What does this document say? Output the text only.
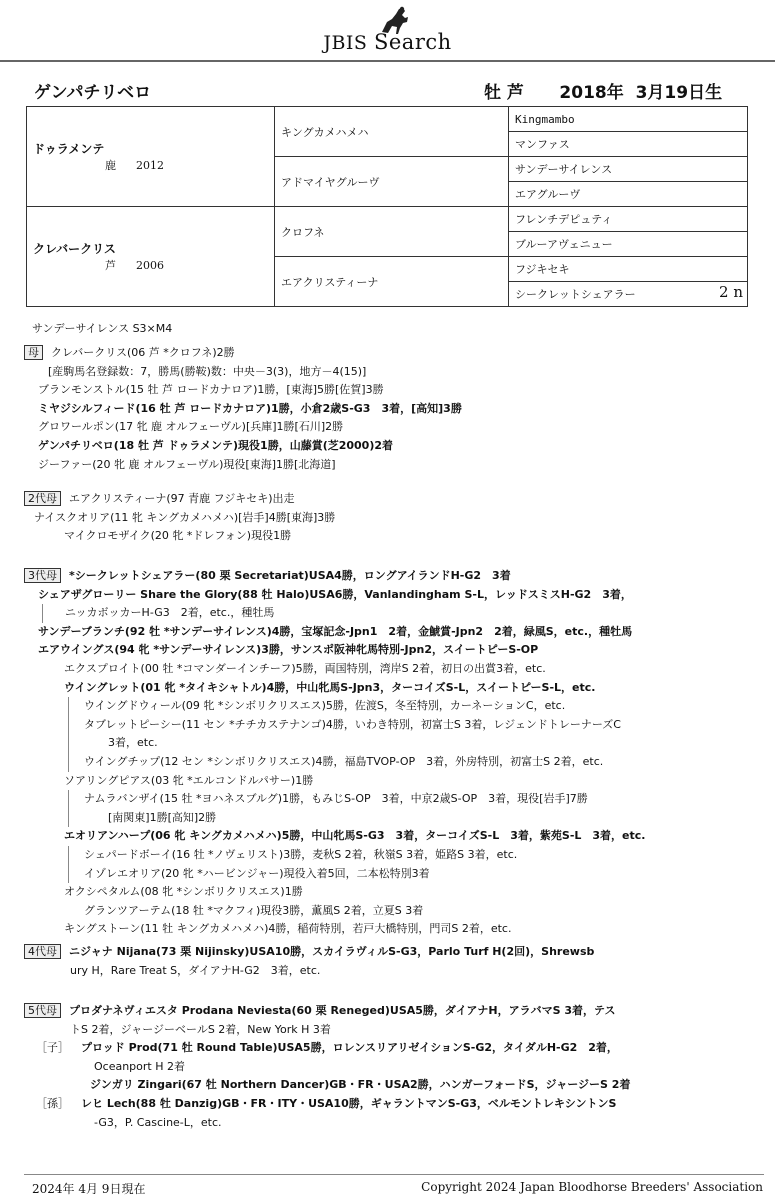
JBIS Search
ゲンパチリベロ	牡 芦      2018年  3月19日生
ドゥラメンテ
鹿 2012	キングカメハメハ	Kingmambo
		マンファス
	アドマイヤグルーヴ	サンデーサイレンス
		エアグルーヴ

クレバークリス
芦 2006	クロフネ	フレンチデピュティ
		ブルーアヴェニュー
	エアクリスティーナ	フジキセキ
		シークレットシェアラー 2 n
サンデーサイレンス S3×M4
母 クレバークリス(06 芦 *クロフネ)2勝
[産駒馬名登録数：7，勝馬(勝鞍)数：中央－3(3)，地方－4(15)]
ブランモンストル(15 牡 芦 ロードカナロア)1勝，[東海]5勝[佐賀]3勝
ミヤジシルフィード(16 牡 芦 ロードカナロア)1勝，小倉2歳S-G3　3着，[高知]3勝
グロワールポン(17 牝 鹿 オルフェーヴル)[兵庫]1勝[石川]2勝
ゲンパチリベロ(18 牡 芦 ドゥラメンテ)現役1勝，山藤賞(芝2000)2着
ジーファー(20 牝 鹿 オルフェーヴル)現役[東海]1勝[北海道]
2代母 エアクリスティーナ(97 青鹿 フジキセキ)出走
ナイスクオリア(11 牝 キングカメハメハ)[岩手]4勝[東海]3勝
マイクロモザイク(20 牝 *ドレフォン)現役1勝
3代母 *シークレットシェアラー(80 栗 Secretariat)USA4勝，ロングアイランドH-G2　3着
シェアザグローリー Share the Glory(88 牡 Halo)USA6勝，Vanlandingham S-L，レッドスミスH-G2　3着，
ニッカボッカーH-G3　2着，etc.，種牡馬
サンデーブランチ(92 牡 *サンデーサイレンス)4勝，宝塚記念-Jpn1　2着，金鯱賞-Jpn2　2着，緑風S，etc.，種牡馬
エアウイングス(94 牝 *サンデーサイレンス)3勝，サンスポ阪神牝馬特別-Jpn2，スイートピーS-OP
エクスプロイト(00 牡 *コマンダーインチーフ)5勝，両国特別，湾岸S 2着，初日の出賞3着，etc.
ウイングレット(01 牝 *タイキシャトル)4勝，中山牝馬S-Jpn3，ターコイズS-L，スイートピーS-L，etc.
ウイングドウィール(09 牝 *シンボリクリスエス)5勝，佐渡S，冬至特別，カーネーションC，etc.
タブレットピーシー(11 セン *チチカステナンゴ)4勝，いわき特別，初富士S 3着，レジェンドトレーナーズC
3着，etc.
ウイングチップ(12 セン *シンボリクリスエス)4勝，福島TVOP-OP　3着，外房特別，初富士S 2着，etc.
ソアリングピアス(03 牝 *エルコンドルパサー)1勝
ナムラバンザイ(15 牡 *ヨハネスブルグ)1勝，もみじS-OP　3着，中京2歳S-OP　3着，現役[岩手]7勝
[南関東]1勝[高知]2勝
エオリアンハープ(06 牝 キングカメハメハ)5勝，中山牝馬S-G3　3着，ターコイズS-L　3着，紫苑S-L　3着，etc.
シェパードボーイ(16 牡 *ノヴェリスト)3勝，麦秋S 2着，秋嶺S 3着，姫路S 3着，etc.
イゾレエオリア(20 牝 *ハービンジャー)現役入着5回，二本松特別3着
オクシペタルム(08 牝 *シンボリクリスエス)1勝
グランツアーテム(18 牡 *マクフィ)現役3勝，薫風S 2着，立夏S 3着
キングストーン(11 牡 キングカメハメハ)4勝，稲荷特別，若戸大橋特別，門司S 2着，etc.
4代母 ニジャナ Nijana(73 栗 Nijinsky)USA10勝，スカイラヴィルS-G3，Parlo Turf H(2回)，Shrewsb
ury H，Rare Treat S，ダイアナH-G2　3着，etc.
5代母 プロダナネヴィエスタ Prodana Neviesta(60 栗 Reneged)USA5勝，ダイアナH，アラバマS 3着，テス
トS 2着，ジャージーベールS 2着，New York H 3着
［子］ プロッド Prod(71 牡 Round Table)USA5勝，ロレンスリアリゼイションS-G2，タイダルH-G2　2着，
Oceanport H 2着
ジンガリ Zingari(67 牡 Northern Dancer)GB・FR・USA2勝，ハンガーフォードS，ジャージーS 2着
［孫］ レヒ Lech(88 牡 Danzig)GB・FR・ITY・USA10勝，ギャラントマンS-G3，ベルモントレキシントンS
-G3，P. Cascine-L，etc.
2024年 4月 9日現在	Copyright 2024 Japan Bloodhorse Breeders' Association
